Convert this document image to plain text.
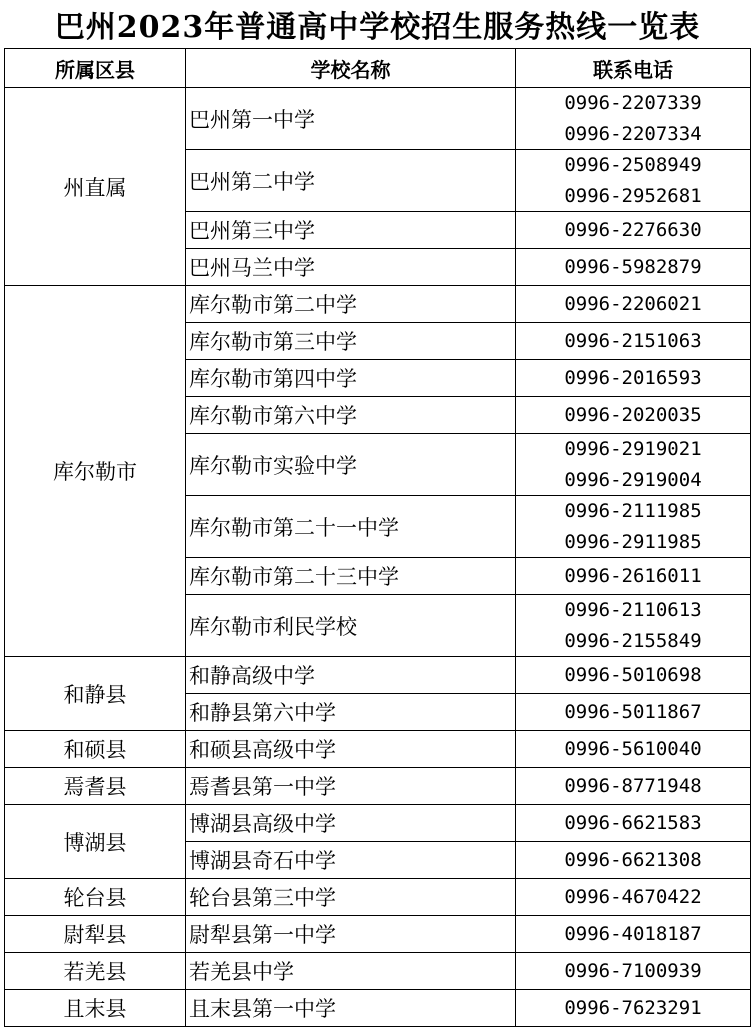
巴州2023年普通高中学校招生服务热线一览表
所属区县	学校名称	联系电话
州直属	巴州第一中学	0996-2207339
0996-2207334

	巴州第二中学	0996-2508949
0996-2952681

	巴州第三中学	0996-2276630

	巴州马兰中学	0996-5982879

库尔勒市	库尔勒市第二中学	0996-2206021

	库尔勒市第三中学	0996-2151063

	库尔勒市第四中学	0996-2016593

	库尔勒市第六中学	0996-2020035

	库尔勒市实验中学	0996-2919021
0996-2919004

	库尔勒市第二十一中学	0996-2111985
0996-2911985

	库尔勒市第二十三中学	0996-2616011

	库尔勒市利民学校	0996-2110613
0996-2155849

和静县	和静高级中学	0996-5010698

	和静县第六中学	0996-5011867

和硕县	和硕县高级中学	0996-5610040

焉耆县	焉耆县第一中学	0996-8771948

博湖县	博湖县高级中学	0996-6621583

	博湖县奇石中学	0996-6621308

轮台县	轮台县第三中学	0996-4670422

尉犁县	尉犁县第一中学	0996-4018187

若羌县	若羌县中学	0996-7100939

且末县	且末县第一中学	0996-7623291
